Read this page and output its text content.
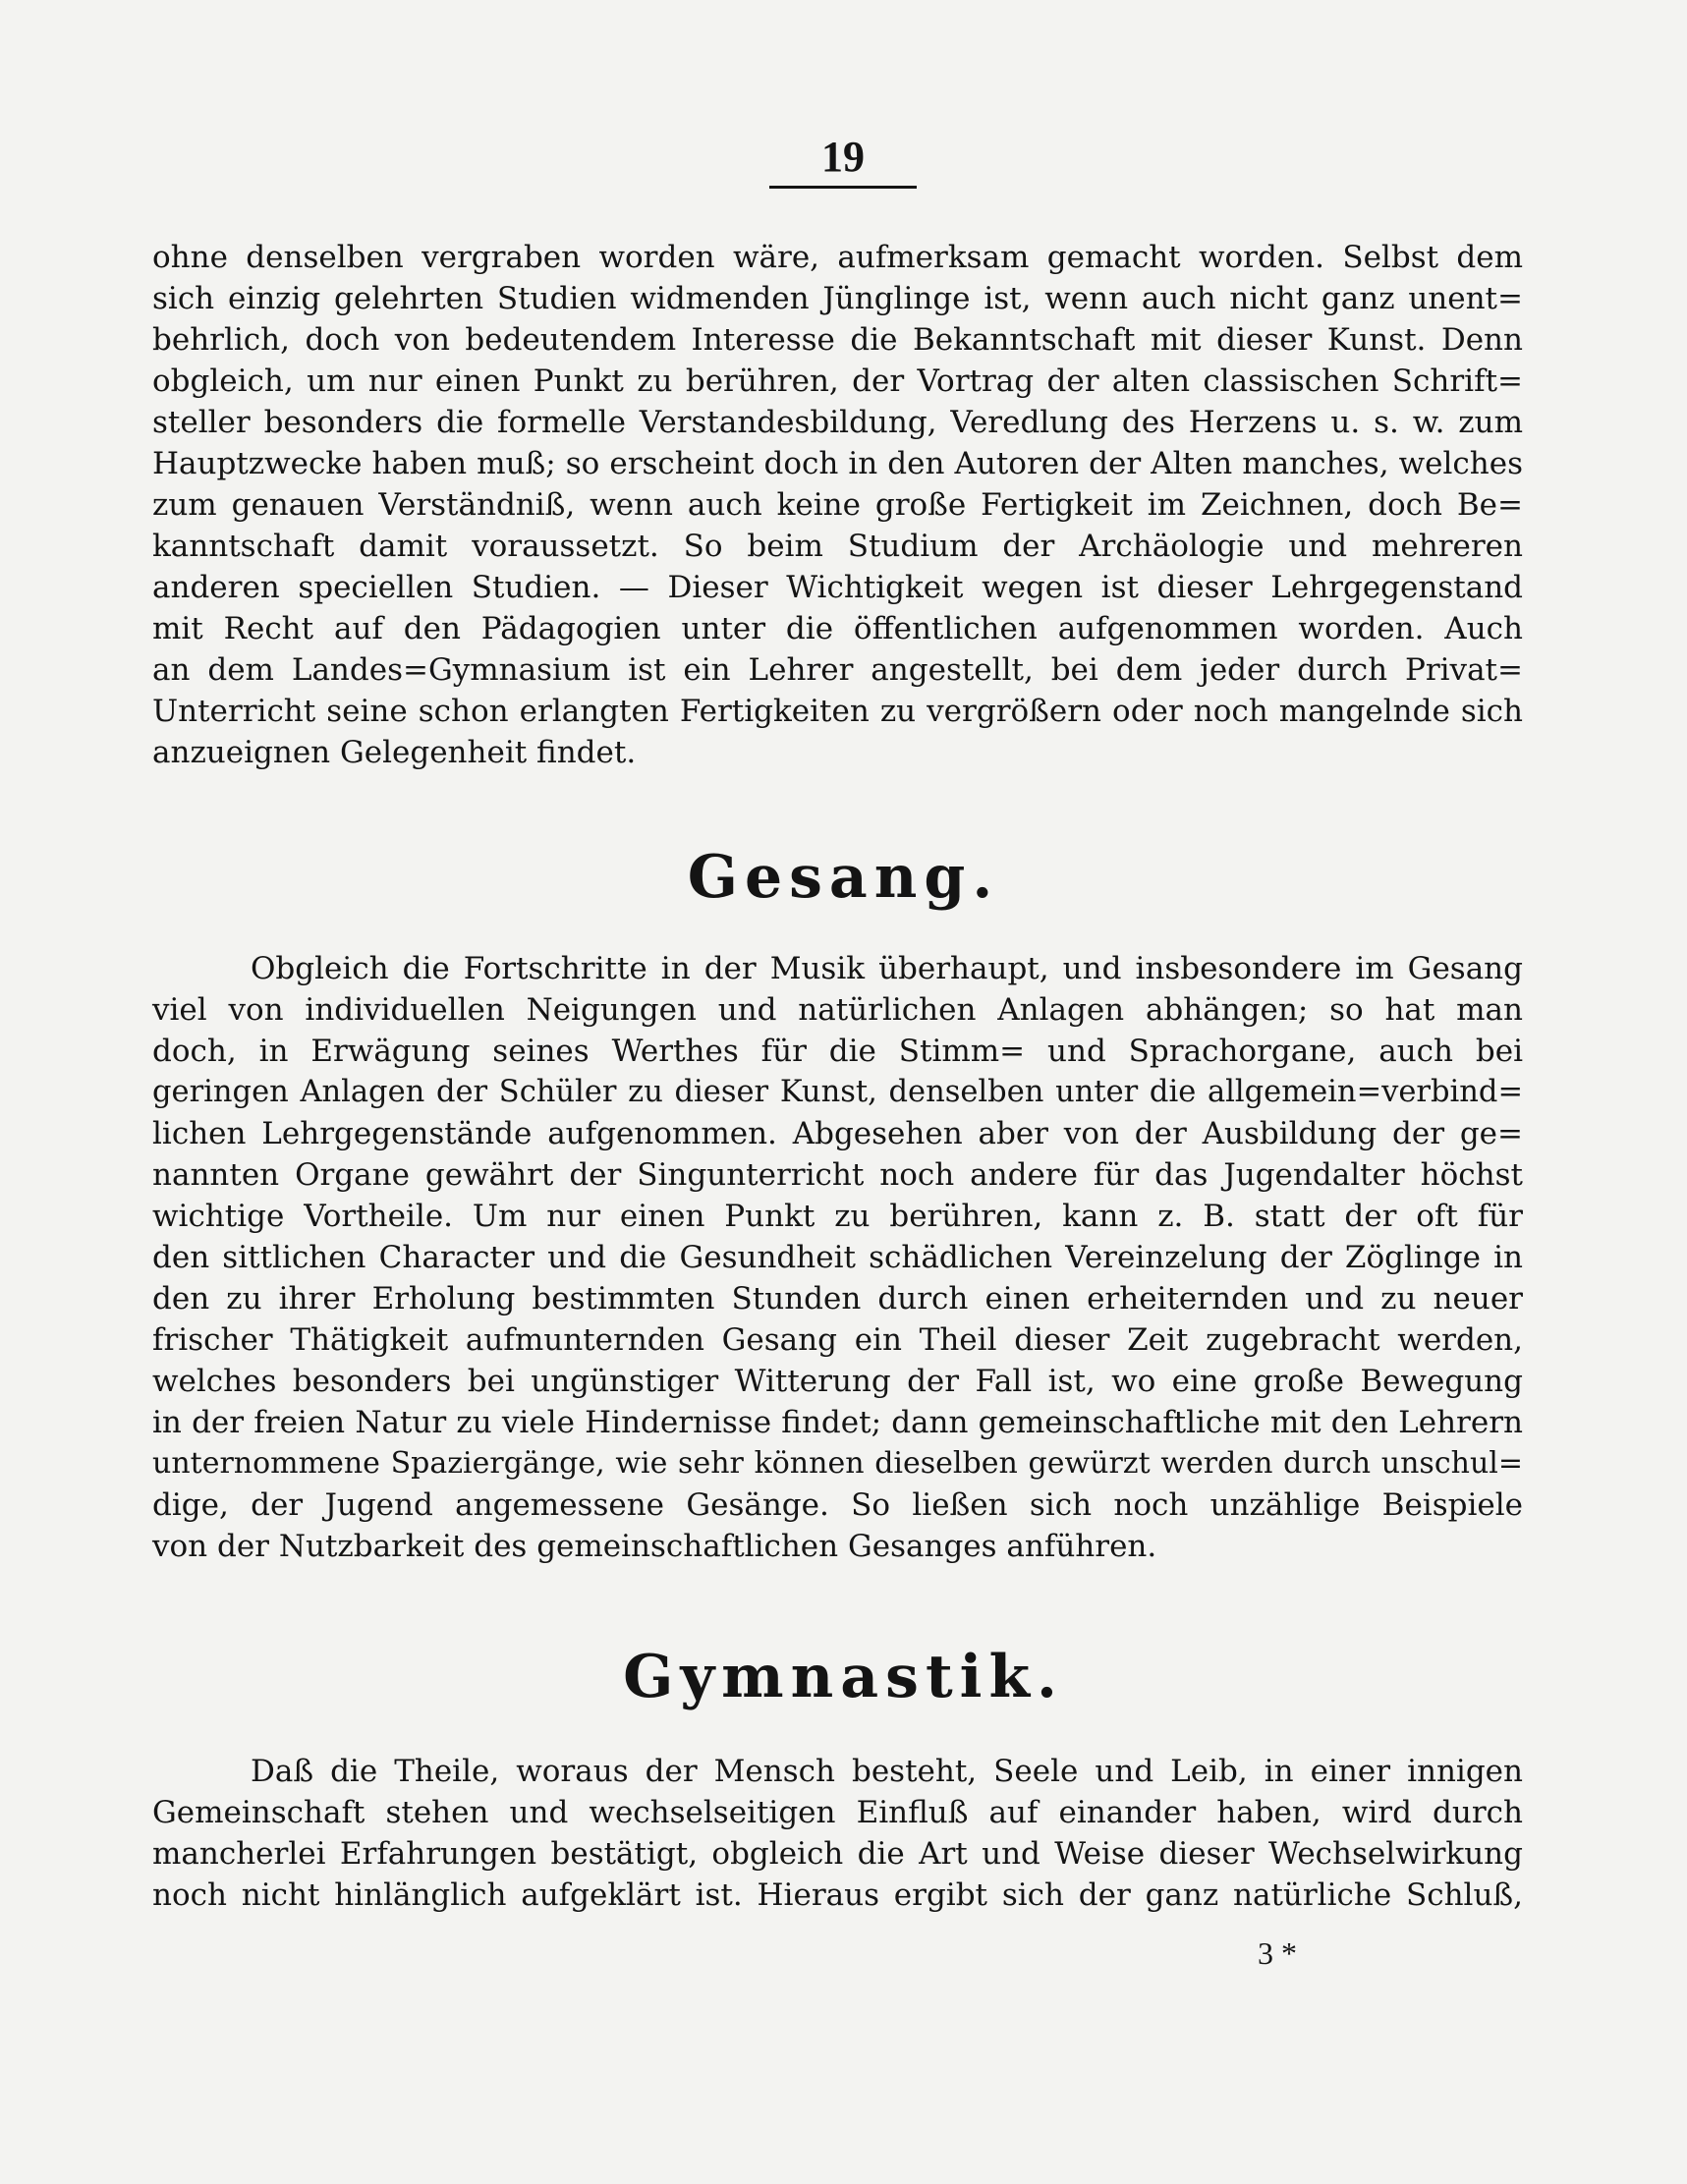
19

ohne denselben vergraben worden wäre, aufmerksam gemacht worden. Selbst dem

sich einzig gelehrten Studien widmenden Jünglinge ist, wenn auch nicht ganz unent=

behrlich, doch von bedeutendem Interesse die Bekanntschaft mit dieser Kunst. Denn

obgleich, um nur einen Punkt zu berühren, der Vortrag der alten classischen Schrift=

steller besonders die formelle Verstandesbildung, Veredlung des Herzens u. s. w. zum

Hauptzwecke haben muß; so erscheint doch in den Autoren der Alten manches, welches

zum genauen Verständniß, wenn auch keine große Fertigkeit im Zeichnen, doch Be=

kanntschaft damit voraussetzt. So beim Studium der Archäologie und mehreren

anderen speciellen Studien. — Dieser Wichtigkeit wegen ist dieser Lehrgegenstand

mit Recht auf den Pädagogien unter die öffentlichen aufgenommen worden. Auch

an dem Landes=Gymnasium ist ein Lehrer angestellt, bei dem jeder durch Privat=

Unterricht seine schon erlangten Fertigkeiten zu vergrößern oder noch mangelnde sich

anzueignen Gelegenheit findet.

Gesang.

Obgleich die Fortschritte in der Musik überhaupt, und insbesondere im Gesang

viel von individuellen Neigungen und natürlichen Anlagen abhängen; so hat man

doch, in Erwägung seines Werthes für die Stimm= und Sprachorgane, auch bei

geringen Anlagen der Schüler zu dieser Kunst, denselben unter die allgemein=verbind=

lichen Lehrgegenstände aufgenommen. Abgesehen aber von der Ausbildung der ge=

nannten Organe gewährt der Singunterricht noch andere für das Jugendalter höchst

wichtige Vortheile. Um nur einen Punkt zu berühren, kann z. B. statt der oft für

den sittlichen Character und die Gesundheit schädlichen Vereinzelung der Zöglinge in

den zu ihrer Erholung bestimmten Stunden durch einen erheiternden und zu neuer

frischer Thätigkeit aufmunternden Gesang ein Theil dieser Zeit zugebracht werden,

welches besonders bei ungünstiger Witterung der Fall ist, wo eine große Bewegung

in der freien Natur zu viele Hindernisse findet; dann gemeinschaftliche mit den Lehrern

unternommene Spaziergänge, wie sehr können dieselben gewürzt werden durch unschul=

dige, der Jugend angemessene Gesänge. So ließen sich noch unzählige Beispiele

von der Nutzbarkeit des gemeinschaftlichen Gesanges anführen.

Gymnastik.

Daß die Theile, woraus der Mensch besteht, Seele und Leib, in einer innigen

Gemeinschaft stehen und wechselseitigen Einfluß auf einander haben, wird durch

mancherlei Erfahrungen bestätigt, obgleich die Art und Weise dieser Wechselwirkung

noch nicht hinlänglich aufgeklärt ist. Hieraus ergibt sich der ganz natürliche Schluß,

3 *
